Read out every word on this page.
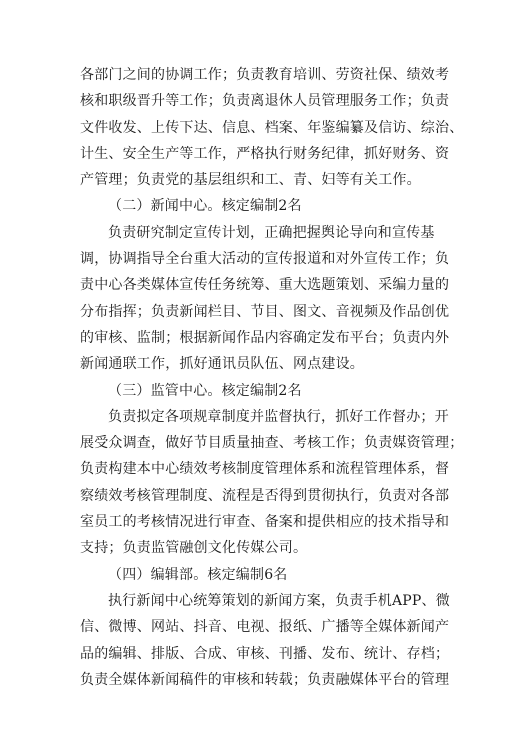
各部门之间的协调工作；负责教育培训、劳资社保、绩效考
核和职级晋升等工作；负责离退休人员管理服务工作；负责
文件收发、上传下达、信息、档案、年鉴编纂及信访、综治、
计生、安全生产等工作，严格执行财务纪律，抓好财务、资
产管理；负责党的基层组织和工、青、妇等有关工作。
（二）新闻中心。核定编制2名
负责研究制定宣传计划，正确把握舆论导向和宣传基
调，协调指导全台重大活动的宣传报道和对外宣传工作；负
责中心各类媒体宣传任务统筹、重大选题策划、采编力量的
分布指挥；负责新闻栏目、节目、图文、音视频及作品创优
的审核、监制；根据新闻作品内容确定发布平台；负责内外
新闻通联工作，抓好通讯员队伍、网点建设。
（三）监管中心。核定编制2名
负责拟定各项规章制度并监督执行，抓好工作督办；开
展受众调查，做好节目质量抽查、考核工作；负责媒资管理；
负责构建本中心绩效考核制度管理体系和流程管理体系，督
察绩效考核管理制度、流程是否得到贯彻执行，负责对各部
室员工的考核情况进行审查、备案和提供相应的技术指导和
支持；负责监管融创文化传媒公司。
（四）编辑部。核定编制6名
执行新闻中心统筹策划的新闻方案，负责手机APP、微
信、微博、网站、抖音、电视、报纸、广播等全媒体新闻产
品的编辑、排版、合成、审核、刊播、发布、统计、存档；
负责全媒体新闻稿件的审核和转载；负责融媒体平台的管理
